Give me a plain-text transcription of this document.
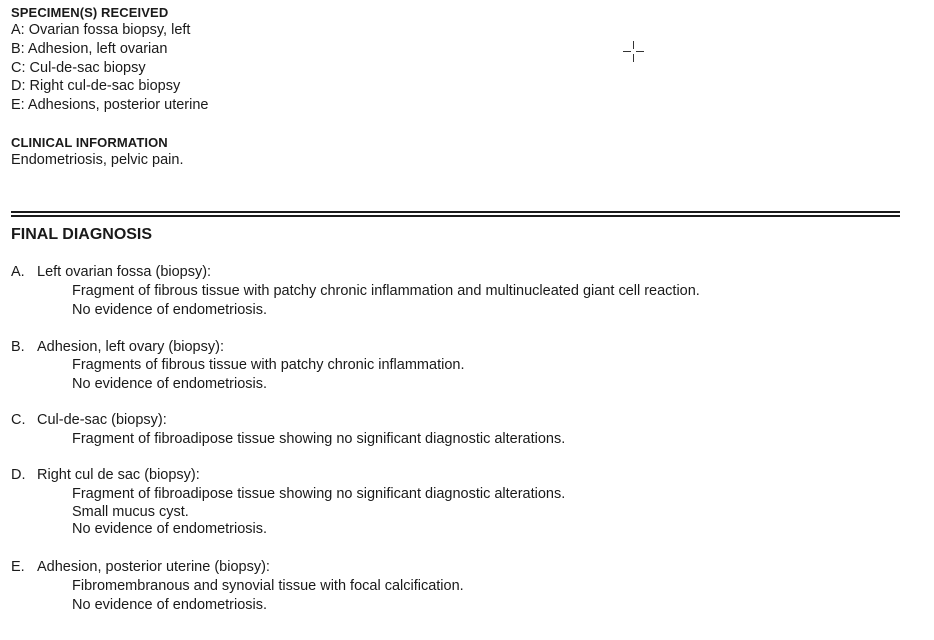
SPECIMEN(S) RECEIVED
A: Ovarian fossa biopsy, left
B: Adhesion, left ovarian
C: Cul-de-sac biopsy
D: Right cul-de-sac biopsy
E: Adhesions, posterior uterine
CLINICAL INFORMATION
Endometriosis, pelvic pain.
FINAL DIAGNOSIS
A. Left ovarian fossa (biopsy):
Fragment of fibrous tissue with patchy chronic inflammation and multinucleated giant cell reaction.
No evidence of endometriosis.
B. Adhesion, left ovary (biopsy):
Fragments of fibrous tissue with patchy chronic inflammation.
No evidence of endometriosis.
C. Cul-de-sac (biopsy):
Fragment of fibroadipose tissue showing no significant diagnostic alterations.
D. Right cul de sac (biopsy):
Fragment of fibroadipose tissue showing no significant diagnostic alterations.
Small mucus cyst.
No evidence of endometriosis.
E. Adhesion, posterior uterine (biopsy):
Fibromembranous and synovial tissue with focal calcification.
No evidence of endometriosis.
